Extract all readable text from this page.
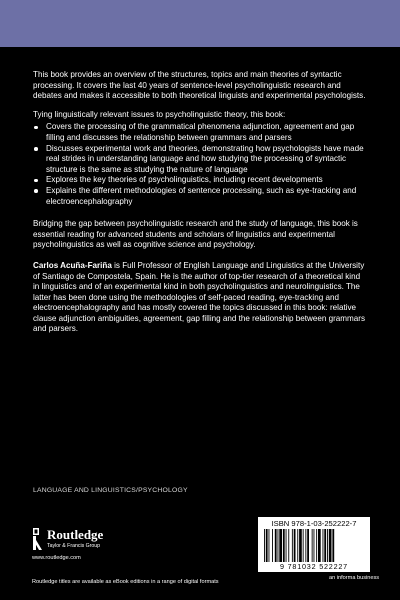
This book provides an overview of the structures, topics and main theories of syntactic processing. It covers the last 40 years of sentence-level psycholinguistic research and debates and makes it accessible to both theoretical linguists and experimental psychologists.

Tying linguistically relevant issues to psycholinguistic theory, this book:

Covers the processing of the grammatical phenomena adjunction, agreement and gap filling and discusses the relationship between grammars and parsers
Discusses experimental work and theories, demonstrating how psychologists have made real strides in understanding language and how studying the processing of syntactic structure is the same as studying the nature of language
Explores the key theories of psycholinguistics, including recent developments
Explains the different methodologies of sentence processing, such as eye-tracking and electroencephalography

Bridging the gap between psycholinguistic research and the study of language, this book is essential reading for advanced students and scholars of linguistics and experimental psycholinguistics as well as cognitive science and psychology.

Carlos Acuña-Fariña is Full Professor of English Language and Linguistics at the University of Santiago de Compostela, Spain. He is the author of top-tier research of a theoretical kind in linguistics and of an experimental kind in both psycholinguistics and neurolinguistics. The latter has been done using the methodologies of self-paced reading, eye-tracking and electroencephalography and has mostly covered the topics discussed in this book: relative clause adjunction ambiguities, agreement, gap filling and the relationship between grammars and parsers.

LANGUAGE AND LINGUISTICS/PSYCHOLOGY
Routledge
Taylor & Francis Group
www.routledge.com
Routledge titles are available as eBook editions in a range of digital formats
ISBN 978-1-03-252222-7
9 781032 522227
an informa business
